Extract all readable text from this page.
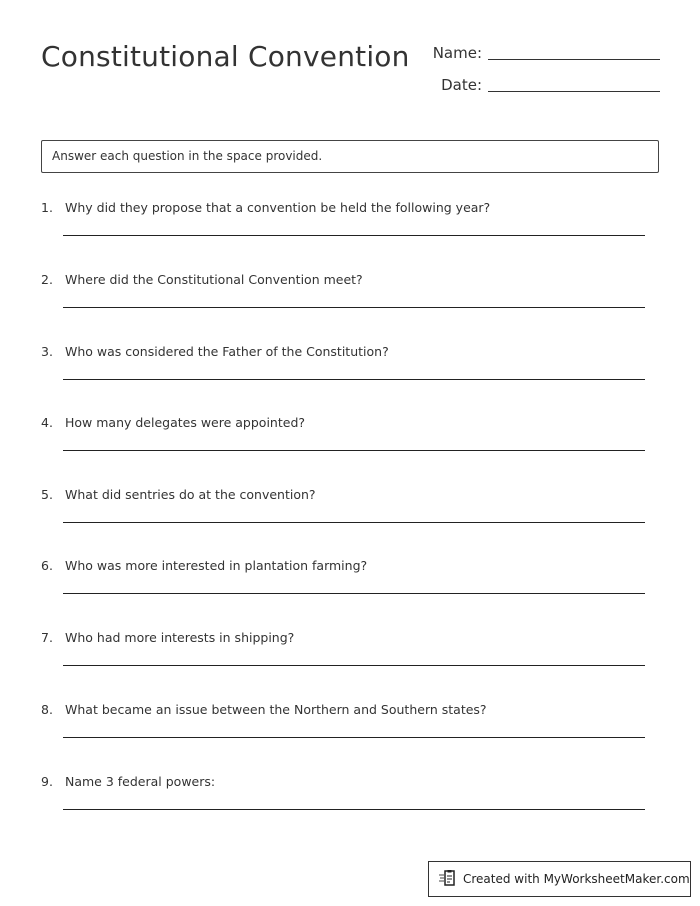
Constitutional Convention	Name:
Date:
Answer each question in the space provided.
1. Why did they propose that a convention be held the following year?
2. Where did the Constitutional Convention meet?
3. Who was considered the Father of the Constitution?
4. How many delegates were appointed?
5. What did sentries do at the convention?
6. Who was more interested in plantation farming?
7. Who had more interests in shipping?
8. What became an issue between the Northern and Southern states?
9. Name 3 federal powers:
Created with MyWorksheetMaker.com
